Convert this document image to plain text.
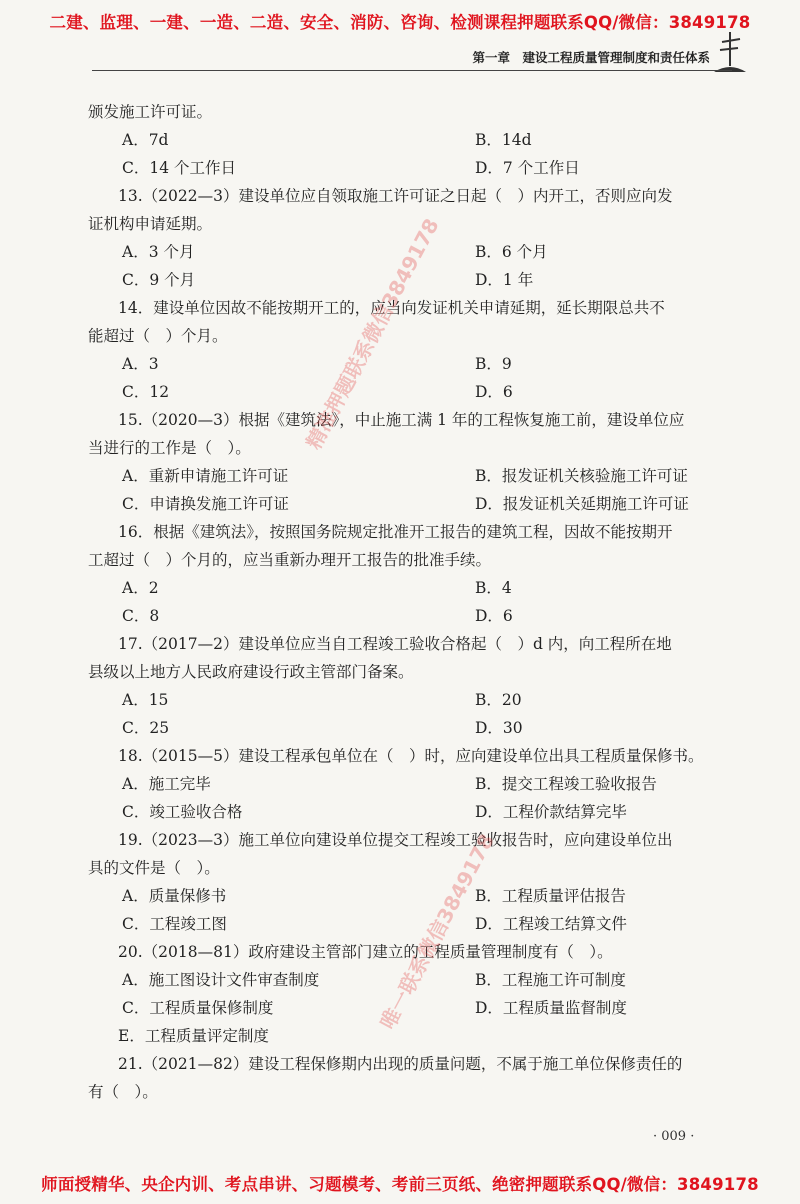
二建、监理、一建、一造、二造、安全、消防、咨询、检测课程押题联系QQ/微信：3849178
第一章　建设工程质量管理制度和责任体系
颁发施工许可证。
A．7d	B．14d
C．14 个工作日	D．7 个工作日
13.（2022—3）建设单位应自领取施工许可证之日起（　）内开工，否则应向发
证机构申请延期。
A．3 个月	B．6 个月
C．9 个月	D．1 年
14．建设单位因故不能按期开工的，应当向发证机关申请延期，延长期限总共不
能超过（　）个月。
A．3	B．9
C．12	D．6
15.（2020—3）根据《建筑法》，中止施工满 1 年的工程恢复施工前，建设单位应
当进行的工作是（　）。
A．重新申请施工许可证	B．报发证机关核验施工许可证
C．申请换发施工许可证	D．报发证机关延期施工许可证
16．根据《建筑法》，按照国务院规定批准开工报告的建筑工程，因故不能按期开
工超过（　）个月的，应当重新办理开工报告的批准手续。
A．2	B．4
C．8	D．6
17.（2017—2）建设单位应当自工程竣工验收合格起（　）d 内，向工程所在地
县级以上地方人民政府建设行政主管部门备案。
A．15	B．20
C．25	D．30
18.（2015—5）建设工程承包单位在（　）时，应向建设单位出具工程质量保修书。
A．施工完毕	B．提交工程竣工验收报告
C．竣工验收合格	D．工程价款结算完毕
19.（2023—3）施工单位向建设单位提交工程竣工验收报告时，应向建设单位出
具的文件是（　）。
A．质量保修书	B．工程质量评估报告
C．工程竣工图	D．工程竣工结算文件
20.（2018—81）政府建设主管部门建立的工程质量管理制度有（　）。
A．施工图设计文件审查制度	B．工程施工许可制度
C．工程质量保修制度	D．工程质量监督制度
E．工程质量评定制度
21.（2021—82）建设工程保修期内出现的质量问题，不属于施工单位保修责任的
有（　）。
精准押题联系微信3849178
唯一联系微信3849178
· 009 ·
师面授精华、央企内训、考点串讲、习题模考、考前三页纸、绝密押题联系QQ/微信：3849178
